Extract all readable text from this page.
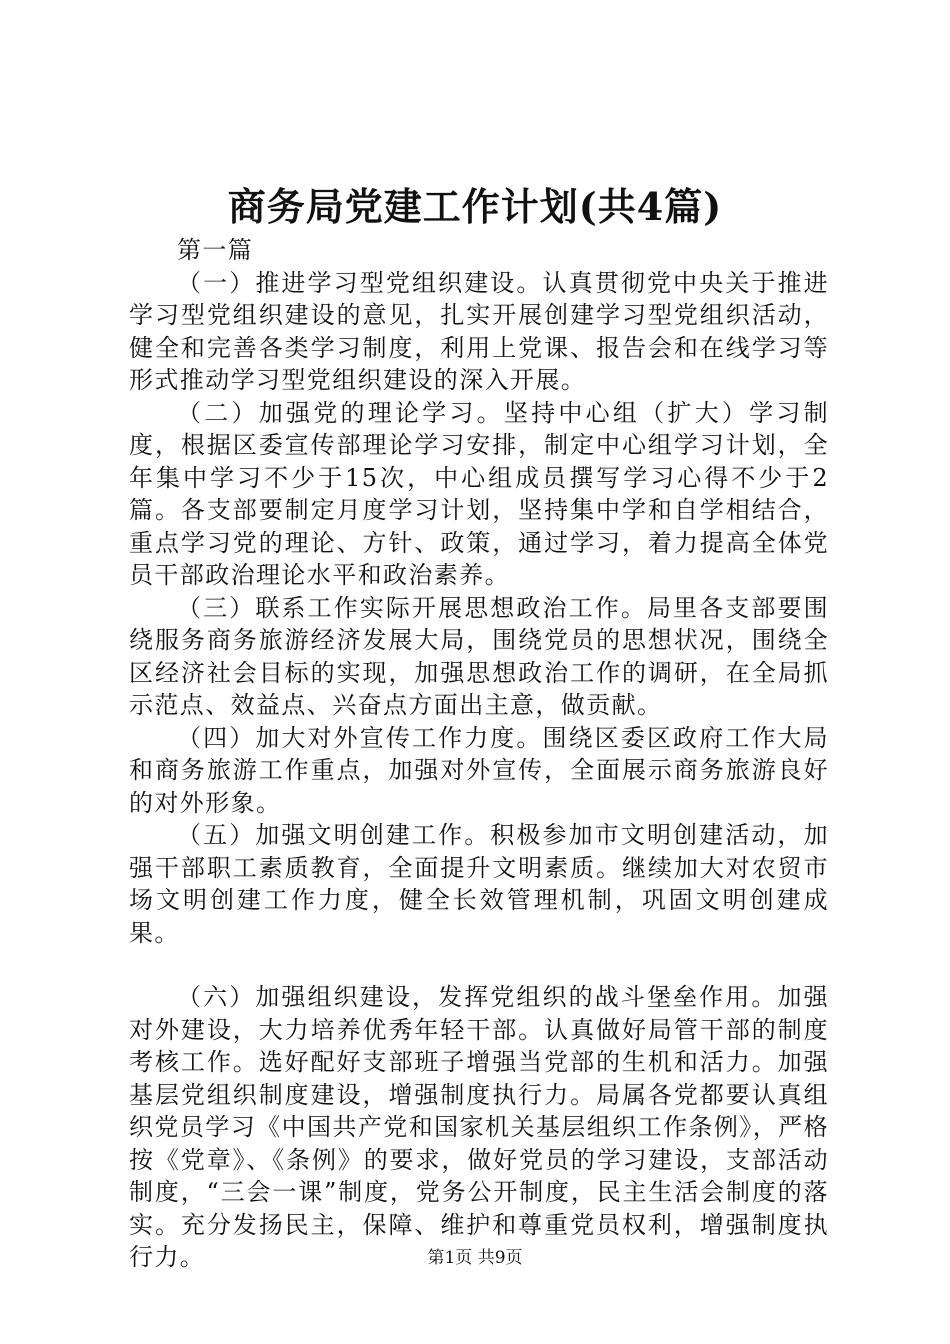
商务局党建工作计划(共4篇)

第一篇

（一）推进学习型党组织建设。认真贯彻党中央关于推进学习型党组织建设的意见，扎实开展创建学习型党组织活动，健全和完善各类学习制度，利用上党课、报告会和在线学习等形式推动学习型党组织建设的深入开展。

（二）加强党的理论学习。坚持中心组（扩大）学习制度，根据区委宣传部理论学习安排，制定中心组学习计划，全年集中学习不少于15次，中心组成员撰写学习心得不少于2篇。各支部要制定月度学习计划，坚持集中学和自学相结合，重点学习党的理论、方针、政策，通过学习，着力提高全体党员干部政治理论水平和政治素养。

（三）联系工作实际开展思想政治工作。局里各支部要围绕服务商务旅游经济发展大局，围绕党员的思想状况，围绕全区经济社会目标的实现，加强思想政治工作的调研，在全局抓示范点、效益点、兴奋点方面出主意，做贡献。

（四）加大对外宣传工作力度。围绕区委区政府工作大局和商务旅游工作重点，加强对外宣传，全面展示商务旅游良好的对外形象。

（五）加强文明创建工作。积极参加市文明创建活动，加强干部职工素质教育，全面提升文明素质。继续加大对农贸市场文明创建工作力度，健全长效管理机制，巩固文明创建成果。

（六）加强组织建设，发挥党组织的战斗堡垒作用。加强对外建设，大力培养优秀年轻干部。认真做好局管干部的制度考核工作。选好配好支部班子增强当党部的生机和活力。加强基层党组织制度建设，增强制度执行力。局属各党都要认真组织党员学习《中国共产党和国家机关基层组织工作条例》，严格按《党章》、《条例》的要求，做好党员的学习建设，支部活动制度，“三会一课”制度，党务公开制度，民主生活会制度的落实。充分发扬民主，保障、维护和尊重党员权利，增强制度执行力。	第1页 共9页
